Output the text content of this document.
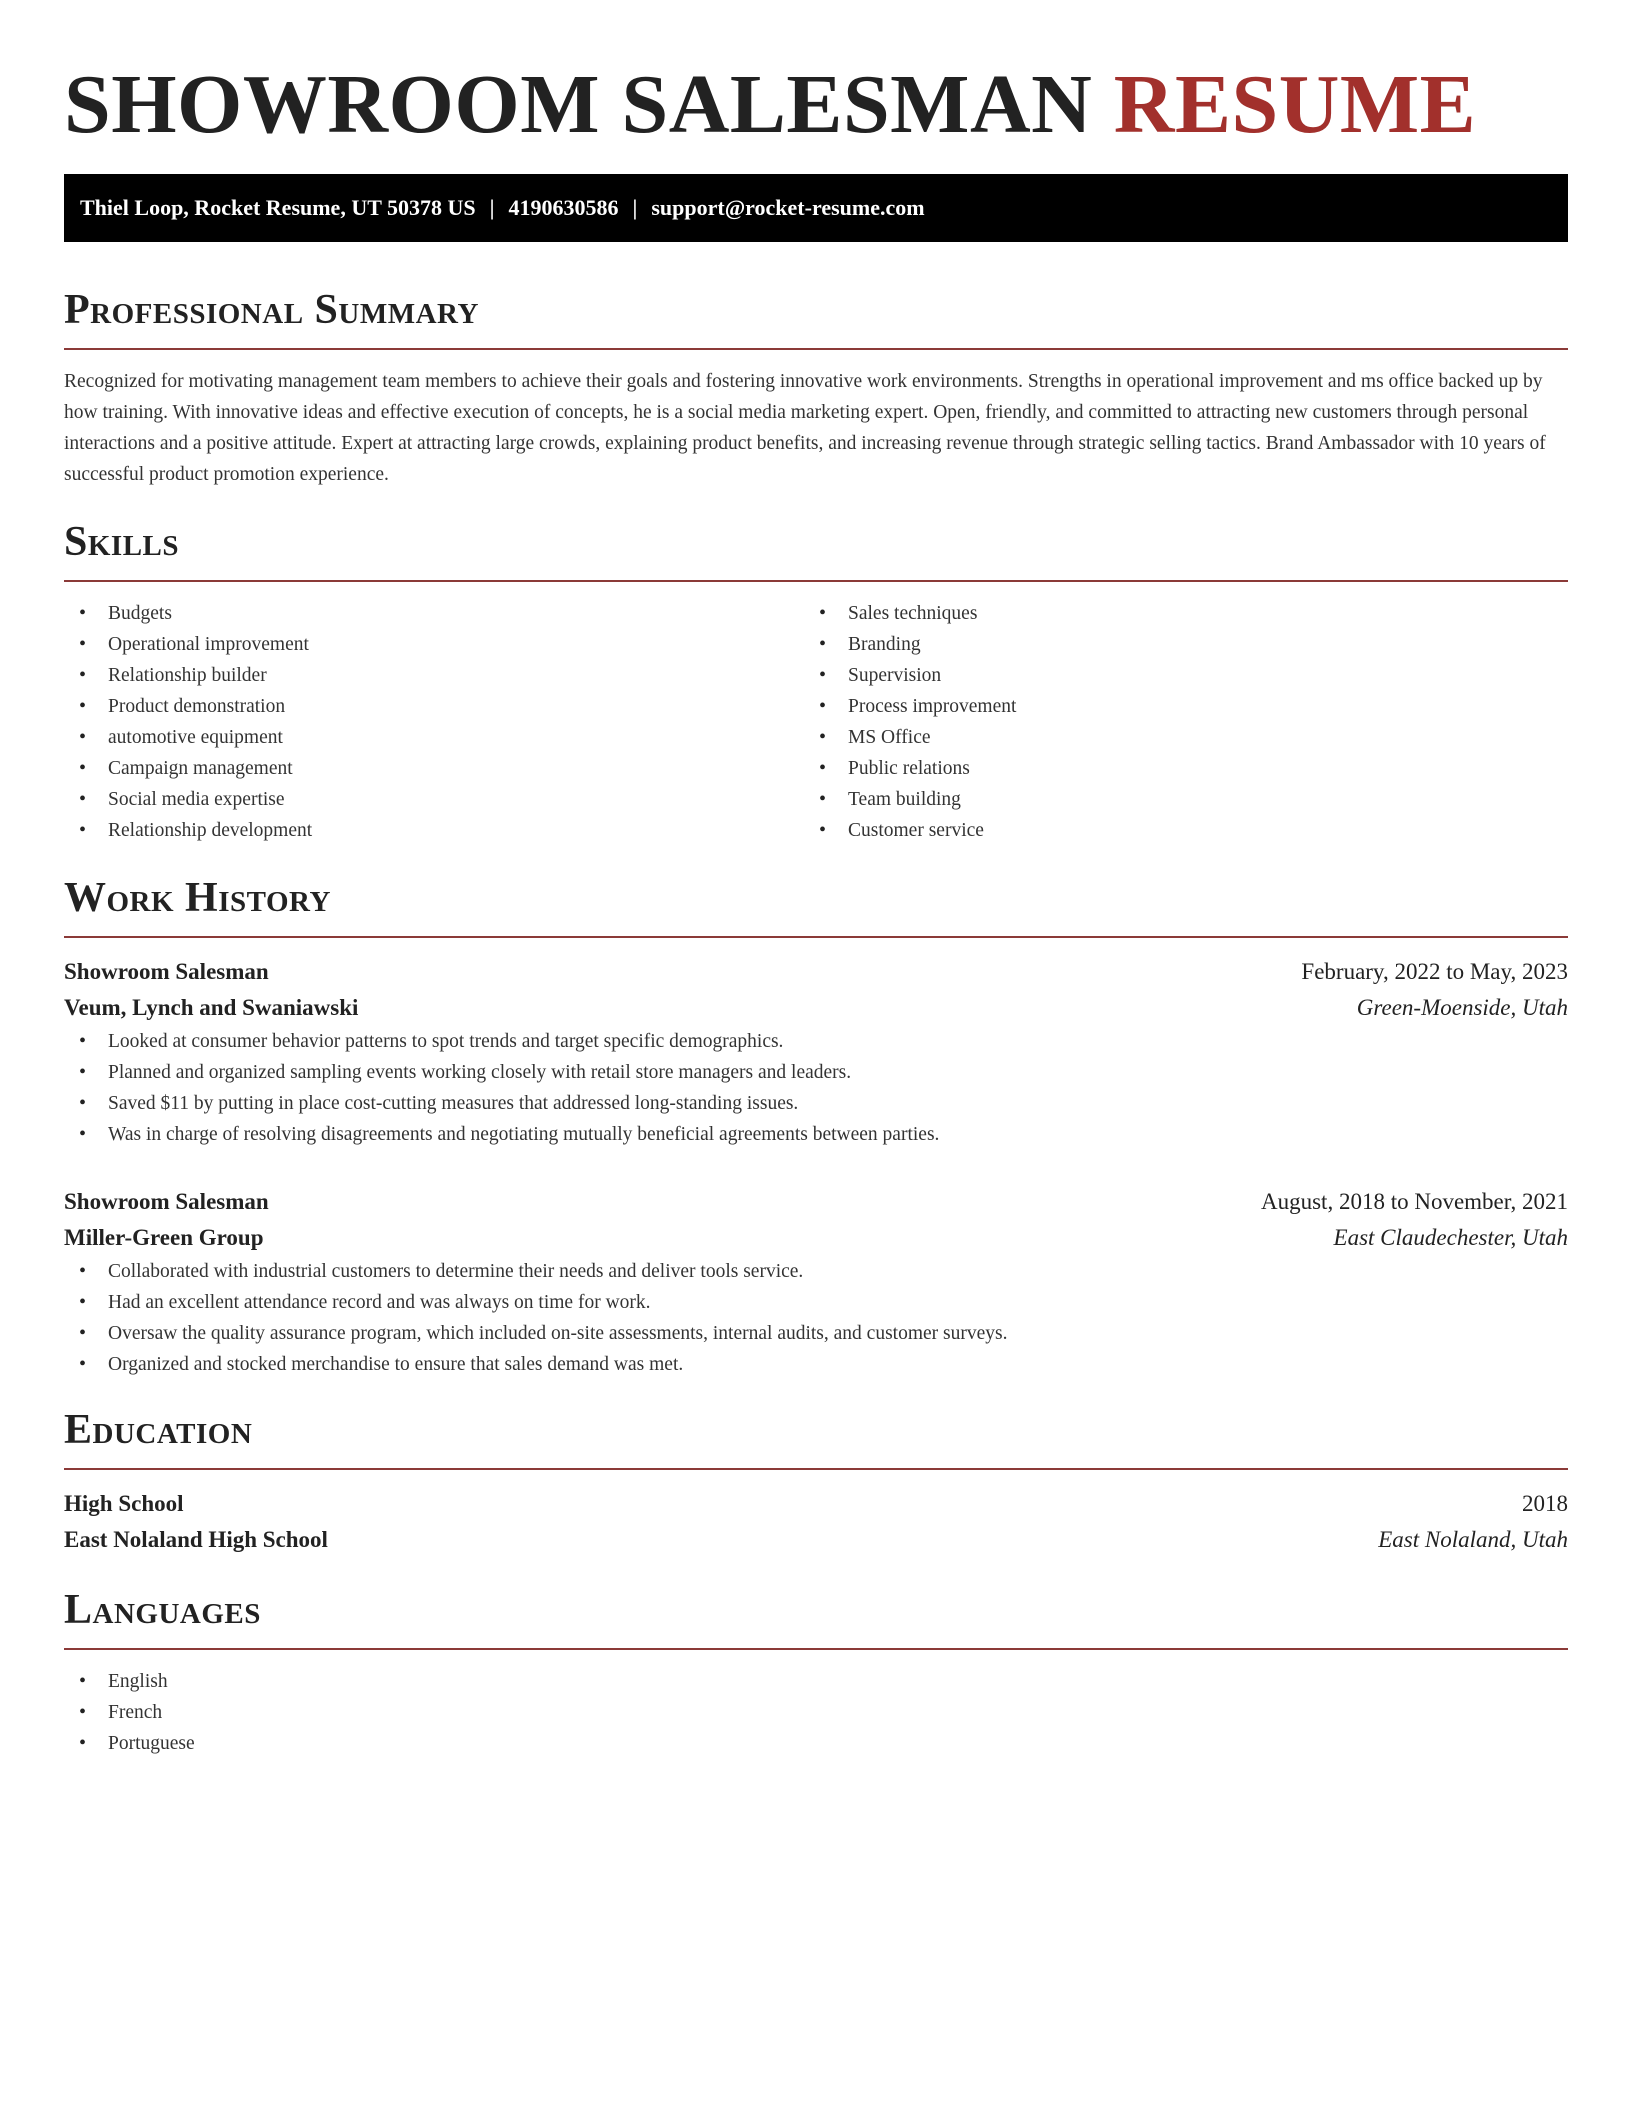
SHOWROOM SALESMAN RESUME
Thiel Loop, Rocket Resume, UT 50378 US | 4190630586 | support@rocket-resume.com
Professional Summary
Recognized for motivating management team members to achieve their goals and fostering innovative work environments. Strengths in operational improvement and ms office backed up by how training. With innovative ideas and effective execution of concepts, he is a social media marketing expert. Open, friendly, and committed to attracting new customers through personal interactions and a positive attitude. Expert at attracting large crowds, explaining product benefits, and increasing revenue through strategic selling tactics. Brand Ambassador with 10 years of successful product promotion experience.
Skills
• Budgets
• Operational improvement
• Relationship builder
• Product demonstration
• automotive equipment
• Campaign management
• Social media expertise
• Relationship development
• Sales techniques
• Branding
• Supervision
• Process improvement
• MS Office
• Public relations
• Team building
• Customer service
Work History
Showroom Salesman	February, 2022 to May, 2023
Veum, Lynch and Swaniawski	Green-Moenside, Utah
• Looked at consumer behavior patterns to spot trends and target specific demographics.
• Planned and organized sampling events working closely with retail store managers and leaders.
• Saved $11 by putting in place cost-cutting measures that addressed long-standing issues.
• Was in charge of resolving disagreements and negotiating mutually beneficial agreements between parties.
Showroom Salesman	August, 2018 to November, 2021
Miller-Green Group	East Claudechester, Utah
• Collaborated with industrial customers to determine their needs and deliver tools service.
• Had an excellent attendance record and was always on time for work.
• Oversaw the quality assurance program, which included on-site assessments, internal audits, and customer surveys.
• Organized and stocked merchandise to ensure that sales demand was met.
Education
High School	2018
East Nolaland High School	East Nolaland, Utah
Languages
• English
• French
• Portuguese
